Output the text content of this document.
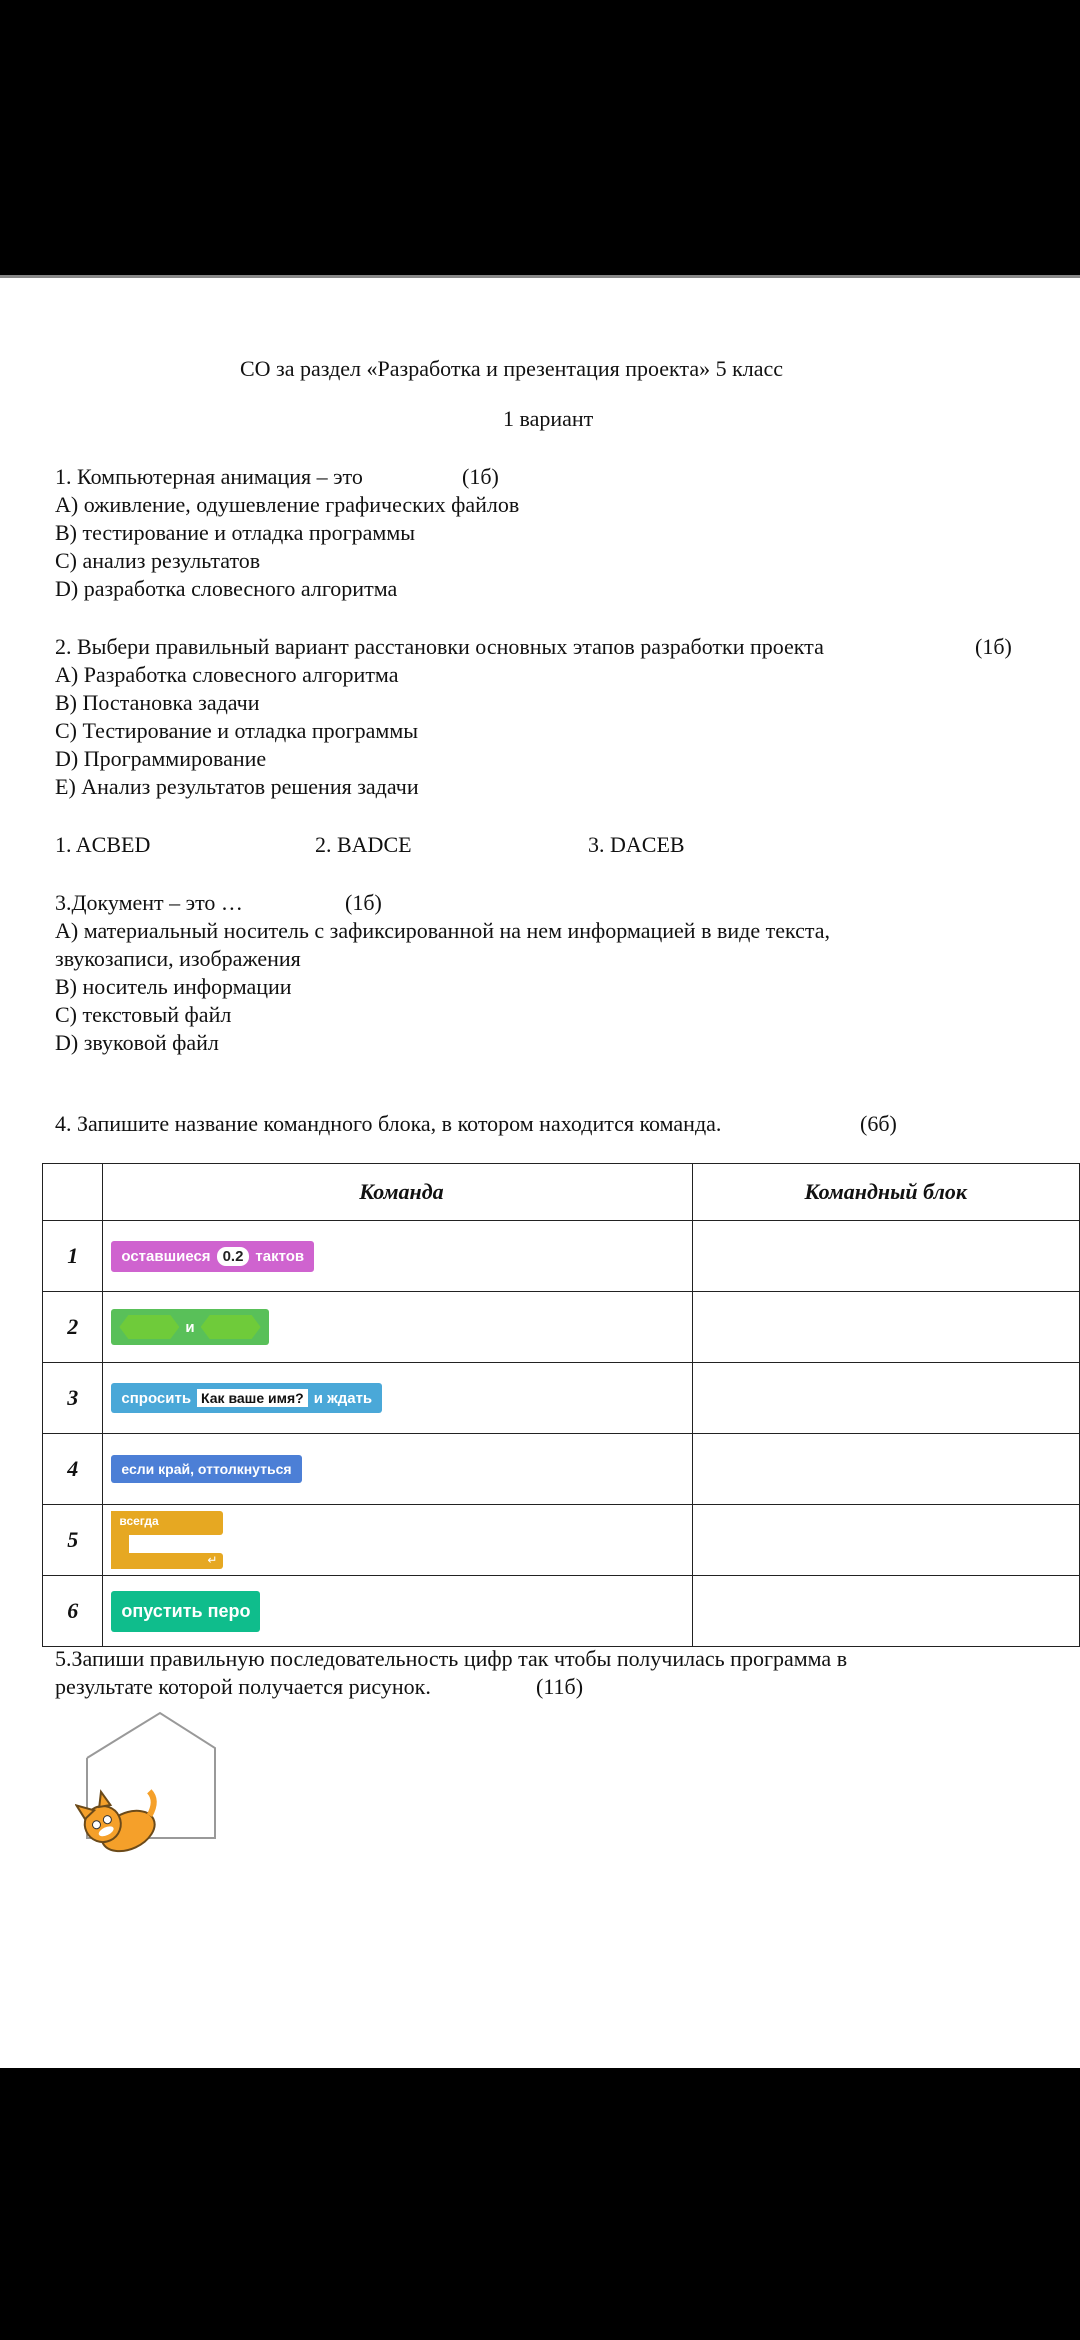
СО за раздел «Разработка и презентация проекта» 5 класс
1 вариант
1. Компьютерная анимация – это	(1б)
А) оживление, одушевление графических файлов
В) тестирование и отладка программы
С) анализ результатов
D) разработка словесного алгоритма
2. Выбери правильный вариант расстановки основных этапов разработки проекта	(1б)
А) Разработка словесного алгоритма
В) Постановка задачи
С) Тестирование и отладка программы
D) Программирование
Е) Анализ результатов решения задачи
1. ACBED	2. BADCE	3. DACEB
3.Документ – это …	(1б)
А) материальный носитель с зафиксированной на нем информацией в виде текста,
звукозаписи, изображения
В) носитель информации
С) текстовый файл
D) звуковой файл
4. Запишите название командного блока, в котором находится команда.	(6б)
	Команда	Командный блок
1	оставшиеся 0.2 тактов	

2	и	

3	спросить Как ваше имя? и ждать	

4	если край, оттолкнуться	

5	всегда
↵	

6	опустить перо	

5.Запиши правильную последовательность цифр так чтобы получилась программа в
результате которой получается рисунок.	(11б)
